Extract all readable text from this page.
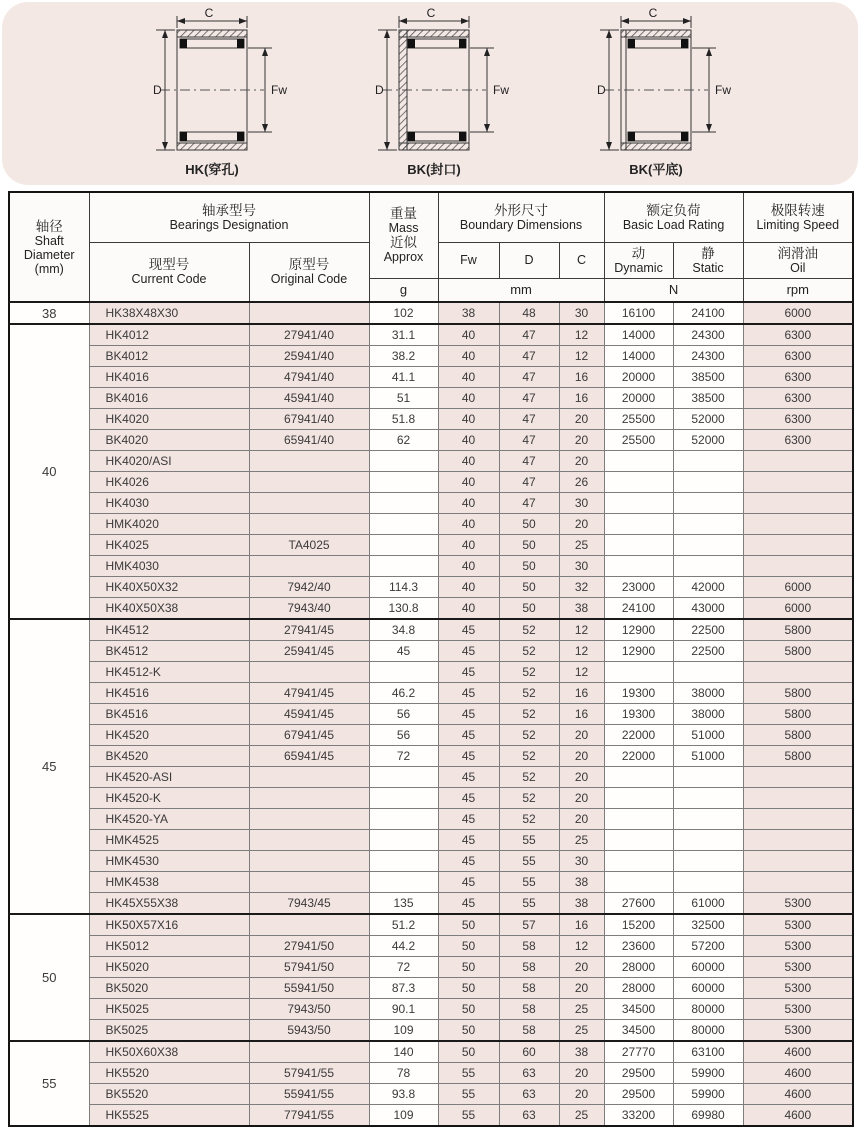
C
D	Fw
HK(穿孔)
C
D	Fw
BK(封口)
C
D	Fw
BK(平底)
轴径
Shaft
Diameter
(mm)

轴承型号
Bearings Designation

重量
Mass
近似
Approx

外形尺寸
Boundary Dimensions

额定负荷
Basic Load Rating

极限转速
Limiting Speed

现型号
Current Code

原型号
Original Code

Fw	D	C	动
Dynamic

静
Static

润滑油
Oil

			g	mm			N		rpm

38	HK38X48X30		102	38	48	30	16100	24100	6000
40	HK4012	27941/40	31.1	40	47	12	14000	24300	6300
	BK4012	25941/40	38.2	40	47	12	14000	24300	6300
	HK4016	47941/40	41.1	40	47	16	20000	38500	6300
	BK4016	45941/40	51	40	47	16	20000	38500	6300
	HK4020	67941/40	51.8	40	47	20	25500	52000	6300
	BK4020	65941/40	62	40	47	20	25500	52000	6300
	HK4020/ASI			40	47	20			
	HK4026			40	47	26			
	HK4030			40	47	30			
	HMK4020			40	50	20			
	HK4025	TA4025		40	50	25			
	HMK4030			40	50	30			
	HK40X50X32	7942/40	114.3	40	50	32	23000	42000	6000
	HK40X50X38	7943/40	130.8	40	50	38	24100	43000	6000
45	HK4512	27941/45	34.8	45	52	12	12900	22500	5800
	BK4512	25941/45	45	45	52	12	12900	22500	5800
	HK4512-K			45	52	12			
	HK4516	47941/45	46.2	45	52	16	19300	38000	5800
	BK4516	45941/45	56	45	52	16	19300	38000	5800
	HK4520	67941/45	56	45	52	20	22000	51000	5800
	BK4520	65941/45	72	45	52	20	22000	51000	5800
	HK4520-ASI			45	52	20			
	HK4520-K			45	52	20			
	HK4520-YA			45	52	20			
	HMK4525			45	55	25			
	HMK4530			45	55	30			
	HMK4538			45	55	38			
	HK45X55X38	7943/45	135	45	55	38	27600	61000	5300
50	HK50X57X16		51.2	50	57	16	15200	32500	5300
	HK5012	27941/50	44.2	50	58	12	23600	57200	5300
	HK5020	57941/50	72	50	58	20	28000	60000	5300
	BK5020	55941/50	87.3	50	58	20	28000	60000	5300
	HK5025	7943/50	90.1	50	58	25	34500	80000	5300
	BK5025	5943/50	109	50	58	25	34500	80000	5300
55	HK50X60X38		140	50	60	38	27770	63100	4600
	HK5520	57941/55	78	55	63	20	29500	59900	4600
	BK5520	55941/55	93.8	55	63	20	29500	59900	4600
	HK5525	77941/55	109	55	63	25	33200	69980	4600
